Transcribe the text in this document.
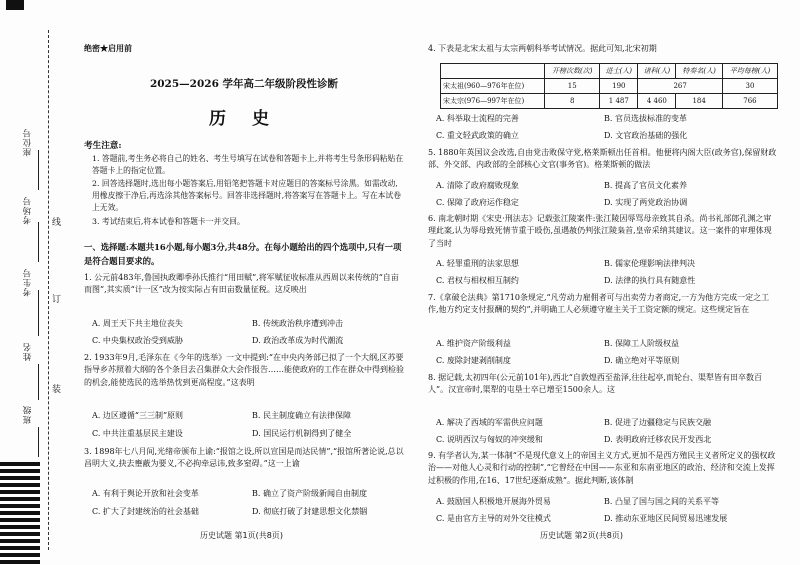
座位号
考场号
考生号
姓名
班级
线
订
装
绝密★启用前
2025—2026 学年高二年级阶段性诊断
历 史
考生注意:
1. 答题前,考生务必将自己的姓名、考生号填写在试卷和答题卡上,并将考生号条形码粘贴在答题卡上的指定位置。
2. 回答选择题时,选出每小题答案后,用铅笔把答题卡对应题目的答案标号涂黑。如需改动,用橡皮擦干净后,再选涂其他答案标号。回答非选择题时,将答案写在答题卡上。写在本试卷上无效。
3. 考试结束后,将本试卷和答题卡一并交回。
一、选择题:本题共16小题,每小题3分,共48分。在每小题给出的四个选项中,只有一项是符合题目要求的。
1. 公元前483年,鲁国执政卿季孙氏推行“用田赋”,将军赋征收标准从西周以来传统的“自亩而图”,其实质“计一区”改为按实际占有田亩数量征税。这反映出
A. 周王天下共主地位丧失	B. 传统政治秩序遭到冲击
C. 中央集权政治受到威胁	D. 政治改革成为时代潮流
2. 1933年9月,毛泽东在《今年的选举》一文中提到:“在中央内务部已拟了一个大纲,区苏要指导乡苏照着大纲的各个条目去召集群众大会作报告……能使政府的工作在群众中得到检验的机会,能使选民的选举热忱到更高程度。”这表明
A. 边区遵循“三三制”原则	B. 民主制度确立有法律保障
C. 中共注重基层民主建设	D. 国民运行机制得到了健全
3. 1898年七八月间,光绪帝颁布上谕:“报馆之设,所以宣国是而达民情”,“报馆所著论说,总以昌明大义,抉去壅蔽为要义,不必拘牵忌讳,致多窒碍。”这一上谕
A. 有利于舆论开放和社会变革	B. 确立了资产阶级新闻自由制度
C. 扩大了封建统治的社会基础	D. 彻底打破了封建思想文化禁锢
历史试题 第1页(共8页)
4. 下表是北宋太祖与太宗两朝科举考试情况。据此可知,北宋初期
	开榜次数(次)	进士(人)	诸科(人)	特奏名(人)	平均每榜(人)
宋太祖(960—976年在位)	15	190	267		30
宋太宗(976—997年在位)	8	1 487	4 460	184	766
A. 科举取士流程的完善	B. 官员选拔标准的变革
C. 重文轻武政策的确立	D. 文官政治基础的强化
5. 1880年英国议会改选,自由党击败保守党,格莱斯顿出任首相。他便将内阁大臣(政务官),保留财政部、外交部、内政部的全部核心文官(事务官)。格莱斯顿的做法
A. 清除了政府腐败现象	B. 提高了官员文化素养
C. 保障了政府运作稳定	D. 实现了两党政治协调
6. 南北朝时期《宋史·刑法志》记载张江陵案件:张江陵因辱骂母亲致其自杀。尚书礼部郎孔渊之审理此案,认为辱母致死情节重于殴伤,虽遇赦仍判张江陵枭首,皇帝采纳其建议。这一案件的审理体现了当时
A. 轻罪重刑的法家思想	B. 儒家伦理影响法律判决
C. 君权与相权相互制约	D. 法律的执行具有随意性
7.《拿破仑法典》第1710条规定,“凡劳动力雇佣者可与出卖劳力者商定,一方为他方完成一定之工作,他方约定支付报酬的契约”,并明确工人必须遵守雇主关于工资定额的规定。这些规定旨在
A. 维护资产阶级利益	B. 保障工人阶级权益
C. 废除封建剥削制度	D. 确立绝对平等原则
8. 据记载,太初四年(公元前101年),西北“自敦煌西至盐泽,往往起亭,而轮台、渠犁皆有田卒数百人”。汉宣帝时,渠犁的屯垦士卒已增至1500余人。这
A. 解决了西域的军需供应问题	B. 促进了边疆稳定与民族交融
C. 说明西汉与匈奴的冲突缓和	D. 表明政府迁移农民开发西北
9. 有学者认为,某一体制“不是现代意义上的帝国主义方式,更加不是西方殖民主义者所定义的强权政治——对他人心灵和行动的控制”,“它曾经在中国——东亚和东南亚地区的政治、经济和交流上发挥过积极的作用,在16、17世纪逐渐成熟”。据此判断,该体制
A. 鼓励国人积极地开展海外贸易	B. 凸显了国与国之间的关系平等
C. 是由官方主导的对外交往模式	D. 推动东亚地区民间贸易迅速发展
历史试题 第2页(共8页)
